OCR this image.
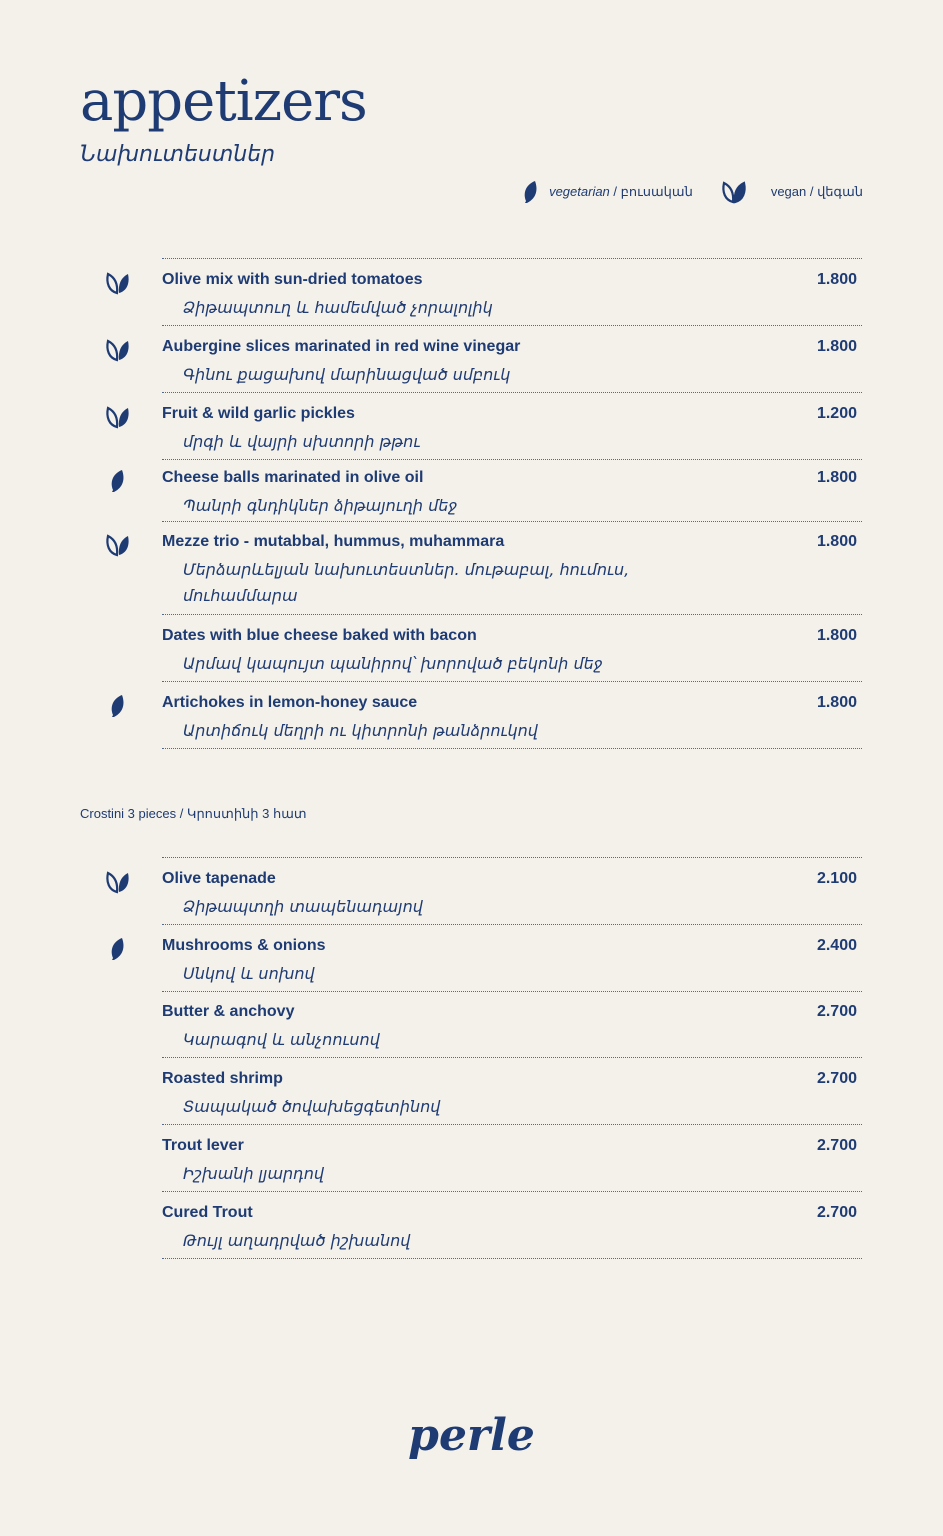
appetizers
Նախուտեստներ
vegetarian / բուսական	vegan / վեգան
Olive mix with sun-dried tomatoes	1.800
Ձիթապտուղ և համեմված չորալոլիկ
Aubergine slices marinated in red wine vinegar	1.800
Գինու քացախով մարինացված սմբուկ
Fruit & wild garlic pickles	1.200
մրգի և վայրի սխտորի թթու
Cheese balls marinated in olive oil	1.800
Պանրի գնդիկներ ձիթայուղի մեջ
Mezze trio - mutabbal, hummus, muhammara	1.800
Մերձարևելյան նախուտեստներ. մութաբալ, հումուս, մուհամմարա
Dates with blue cheese baked with bacon	1.800
Արմավ կապույտ պանիրով՝ խորոված բեկոնի մեջ
Artichokes in lemon-honey sauce	1.800
Արտիճուկ մեղրի ու կիտրոնի թանձրուկով
Olive tapenade	2.100
Ձիթապտղի տապենադայով
Mushrooms & onions	2.400
Սնկով և սոխով
Butter & anchovy	2.700
Կարագով և անչոուսով
Roasted shrimp	2.700
Տապակած ծովախեցգետինով
Trout lever	2.700
Իշխանի լյարդով
Cured Trout	2.700
Թույլ աղադրված իշխանով
Crostini 3 pieces / Կրոստինի 3 հատ
perle
